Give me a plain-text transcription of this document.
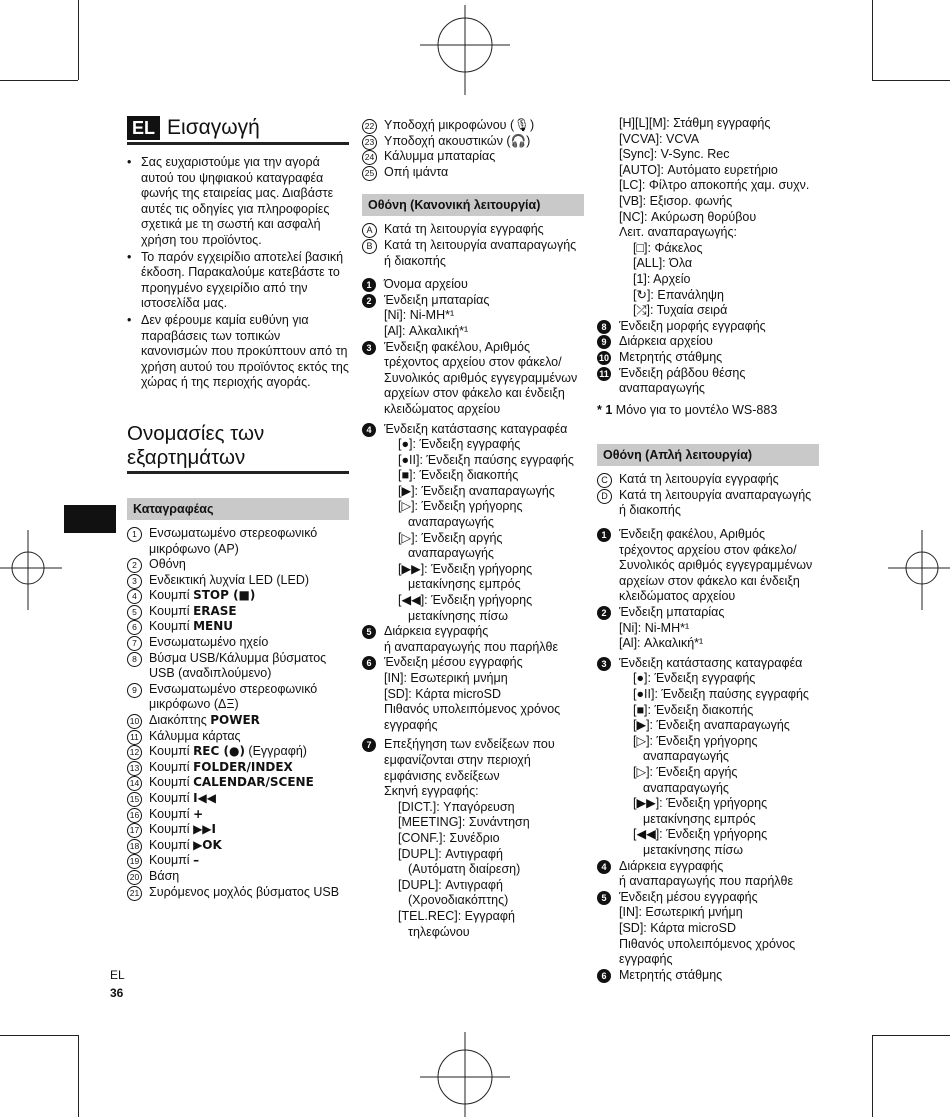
EL Εισαγωγή
• Σας ευχαριστούμε για την αγορά αυτού του ψηφιακού καταγραφέα φωνής της εταιρείας μας. Διαβάστε αυτές τις οδηγίες για πληροφορίες σχετικά με τη σωστή και ασφαλή χρήση του προϊόντος.
• Το παρόν εγχειρίδιο αποτελεί βασική έκδοση. Παρακαλούμε κατεβάστε το προηγμένο εγχειρίδιο από την ιστοσελίδα μας.
• Δεν φέρουμε καμία ευθύνη για παραβάσεις των τοπικών κανονισμών που προκύπτουν από τη χρήση αυτού του προϊόντος εκτός της χώρας ή της περιοχής αγοράς.
Ονομασίες των
εξαρτημάτων
Καταγραφέας
1 Ενσωματωμένο στερεοφωνικό μικρόφωνο (ΑΡ)
2 Οθόνη
3 Ενδεικτική λυχνία LED (LED)
4 Κουμπί STOP (■)
5 Κουμπί ERASE
6 Κουμπί MENU
7 Ενσωματωμένο ηχείο
8 Βύσμα USB/Κάλυμμα βύσματος USB (αναδιπλούμενο)
9 Ενσωματωμένο στερεοφωνικό μικρόφωνο (ΔΞ)
10 Διακόπτης POWER
11 Κάλυμμα κάρτας
12 Κουμπί REC (●) (Εγγραφή)
13 Κουμπί FOLDER/INDEX
14 Κουμπί CALENDAR/SCENE
15 Κουμπί I◀◀
16 Κουμπί +
17 Κουμπί ▶▶I
18 Κουμπί ▶OK
19 Κουμπί –
20 Βάση
21 Συρόμενος μοχλός βύσματος USB
22 Υποδοχή μικροφώνου (🎙)
23 Υποδοχή ακουστικών (🎧)
24 Κάλυμμα μπαταρίας
25 Οπή ιμάντα
Οθόνη (Κανονική λειτουργία)
A Κατά τη λειτουργία εγγραφής
B Κατά τη λειτουργία αναπαραγωγής ή διακοπής
1	Όνομα αρχείου
2	Ένδειξη μπαταρίας
[Ni]: Ni-MH*¹
[Al]: Αλκαλική*¹
3	Ένδειξη φακέλου, Αριθμός τρέχοντος αρχείου στον φάκελο/Συνολικός αριθμός εγγεγραμμένων αρχείων στον φάκελο και ένδειξη κλειδώματος αρχείου
4	Ένδειξη κατάστασης καταγραφέα
[●]: Ένδειξη εγγραφής
[●II]: Ένδειξη παύσης εγγραφής
[■]: Ένδειξη διακοπής
[▶]: Ένδειξη αναπαραγωγής
[▷]: Ένδειξη γρήγορης
αναπαραγωγής
[▷]: Ένδειξη αργής
αναπαραγωγής
[▶▶]: Ένδειξη γρήγορης
μετακίνησης εμπρός
[◀◀]: Ένδειξη γρήγορης
μετακίνησης πίσω
5	Διάρκεια εγγραφής
ή αναπαραγωγής που παρήλθε
6	Ένδειξη μέσου εγγραφής
[IN]: Εσωτερική μνήμη
[SD]: Κάρτα microSD
Πιθανός υπολειπόμενος χρόνος εγγραφής
7	Επεξήγηση των ενδείξεων που εμφανίζονται στην περιοχή εμφάνισης ενδείξεων
Σκηνή εγγραφής:
[DICT.]: Υπαγόρευση
[MEETING]: Συνάντηση
[CONF.]: Συνέδριο
[DUPL]: Αντιγραφή
(Αυτόματη διαίρεση)
[DUPL]: Αντιγραφή
(Χρονοδιακόπτης)
[TEL.REC]: Εγγραφή
τηλεφώνου
[H][L][M]: Στάθμη εγγραφής
[VCVA]: VCVA
[Sync]: V-Sync. Rec
[AUTO]: Αυτόματο ευρετήριο
[LC]: Φίλτρο αποκοπής χαμ. συχν.
[VB]: Εξισορ. φωνής
[NC]: Ακύρωση θορύβου
Λειτ. αναπαραγωγής:
[□]: Φάκελος
[ALL]: Όλα
[1]: Αρχείο
[↻]: Επανάληψη
[⤮]: Τυχαία σειρά
8	Ένδειξη μορφής εγγραφής
9	Διάρκεια αρχείου
10 Μετρητής στάθμης
11 Ένδειξη ράβδου θέσης αναπαραγωγής
* 1 Μόνο για το μοντέλο WS-883
Οθόνη (Απλή λειτουργία)
C Κατά τη λειτουργία εγγραφής
D Κατά τη λειτουργία αναπαραγωγής ή διακοπής
1	Ένδειξη φακέλου, Αριθμός τρέχοντος αρχείου στον φάκελο/Συνολικός αριθμός εγγεγραμμένων αρχείων στον φάκελο και ένδειξη κλειδώματος αρχείου
2	Ένδειξη μπαταρίας
[Ni]: Ni-MH*¹
[Al]: Αλκαλική*¹
3	Ένδειξη κατάστασης καταγραφέα
[●]: Ένδειξη εγγραφής
[●II]: Ένδειξη παύσης εγγραφής
[■]: Ένδειξη διακοπής
[▶]: Ένδειξη αναπαραγωγής
[▷]: Ένδειξη γρήγορης
αναπαραγωγής
[▷]: Ένδειξη αργής
αναπαραγωγής
[▶▶]: Ένδειξη γρήγορης
μετακίνησης εμπρός
[◀◀]: Ένδειξη γρήγορης
μετακίνησης πίσω
4	Διάρκεια εγγραφής
ή αναπαραγωγής που παρήλθε
5	Ένδειξη μέσου εγγραφής
[IN]: Εσωτερική μνήμη
[SD]: Κάρτα microSD
Πιθανός υπολειπόμενος χρόνος εγγραφής
6	Μετρητής στάθμης
EL
36
